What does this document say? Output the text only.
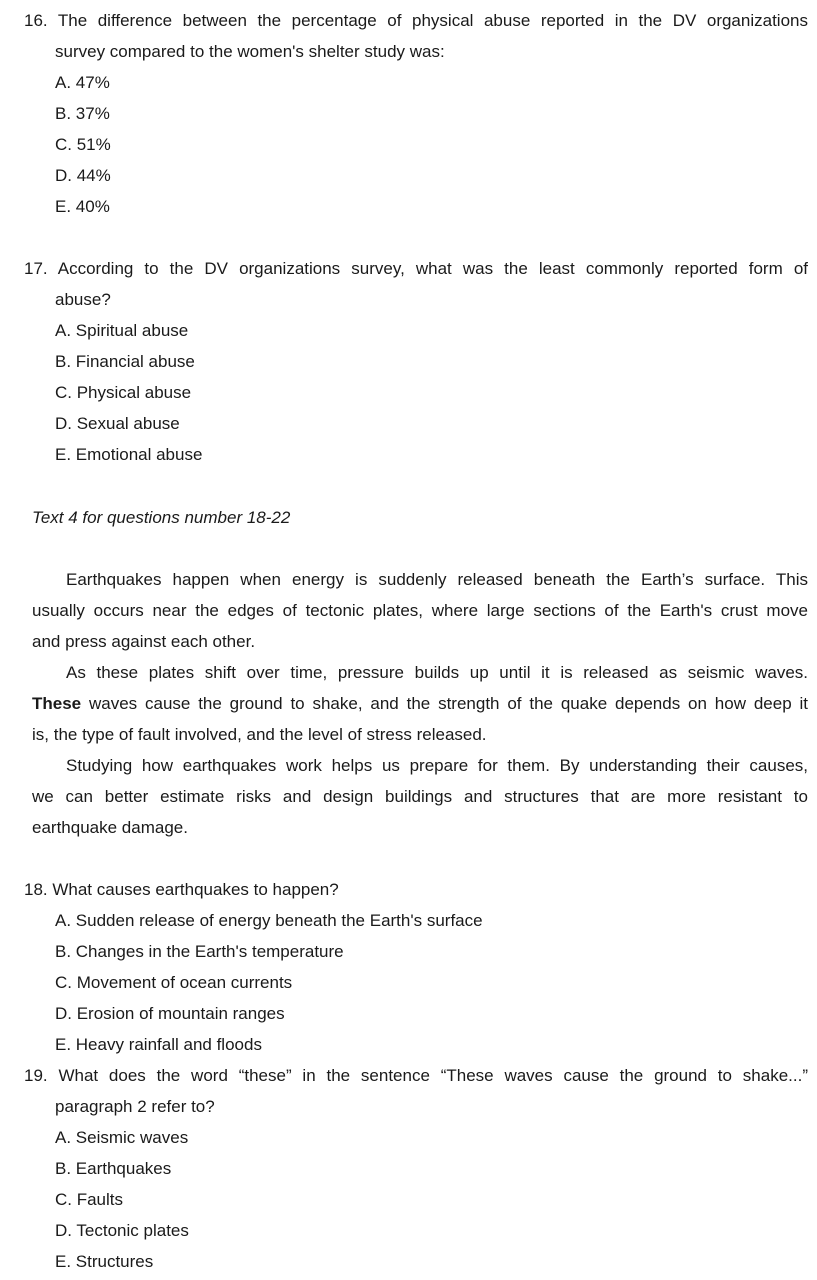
16. The difference between the percentage of physical abuse reported in the DV organizations
survey compared to the women's shelter study was:
A. 47%
B. 37%
C. 51%
D. 44%
E. 40%
17. According to the DV organizations survey, what was the least commonly reported form of
abuse?
A. Spiritual abuse
B. Financial abuse
C. Physical abuse
D. Sexual abuse
E. Emotional abuse
Text 4 for questions number 18-22
Earthquakes happen when energy is suddenly released beneath the Earth’s surface. This
usually occurs near the edges of tectonic plates, where large sections of the Earth's crust move
and press against each other.
As these plates shift over time, pressure builds up until it is released as seismic waves.
These waves cause the ground to shake, and the strength of the quake depends on how deep it
is, the type of fault involved, and the level of stress released.
Studying how earthquakes work helps us prepare for them. By understanding their causes,
we can better estimate risks and design buildings and structures that are more resistant to
earthquake damage.
18. What causes earthquakes to happen?
A. Sudden release of energy beneath the Earth's surface
B. Changes in the Earth's temperature
C. Movement of ocean currents
D. Erosion of mountain ranges
E. Heavy rainfall and floods
19. What does the word “these” in the sentence “These waves cause the ground to shake...”
paragraph 2 refer to?
A. Seismic waves
B. Earthquakes
C. Faults
D. Tectonic plates
E. Structures
